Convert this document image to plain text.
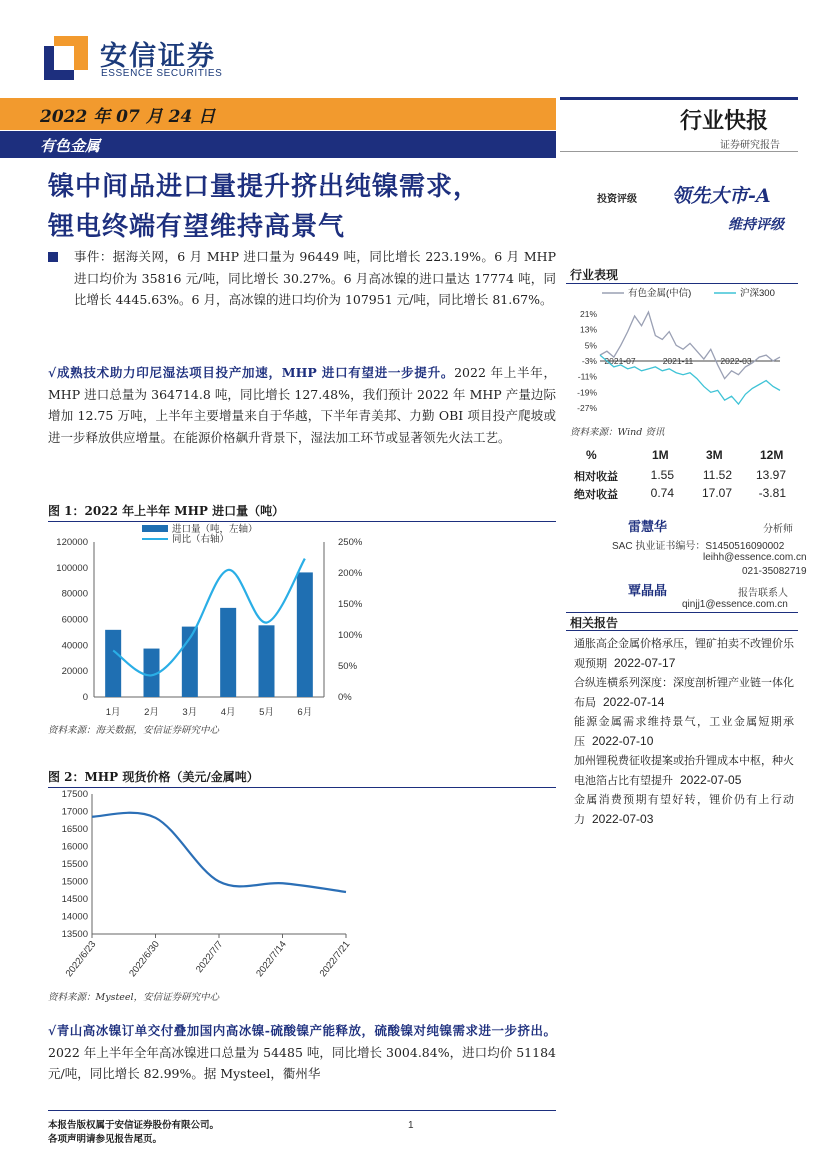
安信证券
ESSENCE SECURITIES
2022 年 07 月 24 日
有色金属
行业快报
证券研究报告
投资评级 领先大市-A
维持评级
镍中间品进口量提升挤出纯镍需求，
锂电终端有望维持高景气
事件：据海关网，6 月 MHP 进口量为 96449 吨，同比增长 223.19%。6 月 MHP 进口均价为 35816 元/吨，同比增长 30.27%。6 月高冰镍的进口量达 17774 吨，同比增长 4445.63%。6 月，高冰镍的进口均价为 107951 元/吨，同比增长 81.67%。
√成熟技术助力印尼湿法项目投产加速，MHP 进口有望进一步提升。2022 年上半年，MHP 进口总量为 364714.8 吨，同比增长 127.48%，我们预计 2022 年 MHP 产量边际增加 12.75 万吨，上半年主要增量来自于华越，下半年青美邦、力勤 OBI 项目投产爬坡或进一步释放供应增量。在能源价格飙升背景下，湿法加工环节或显著领先火法工艺。
图 1：2022 年上半年 MHP 进口量（吨）
0
20000
40000
60000
80000
100000
120000
0%
50%
100%
150%
200%
250%
1月 2月 3月 4月 5月 6月
进口量（吨，左轴）
同比（右轴）
资料来源：海关数据，安信证券研究中心
图 2：MHP 现货价格（美元/金属吨）
13500
14000
14500
15000
15500
16000
16500
17000
17500
2022/6/23	2022/6/30	2022/7/7	2022/7/14	2022/7/21
资料来源：Mysteel，安信证券研究中心
√青山高冰镍订单交付叠加国内高冰镍-硫酸镍产能释放，硫酸镍对纯镍需求进一步挤出。2022 年上半年全年高冰镍进口总量为 54485 吨，同比增长 3004.84%，进口均价 51184 元/吨，同比增长 82.99%。据 Mysteel，衢州华
行业表现
有色金属(中信)	沪深300
21%
13%
5%
-3%
-11%
-19%
-27%
2021-07	2021-11	2022-03
资料来源：Wind 资讯
%	1M	3M	12M
相对收益	1.55 11.52 13.97
绝对收益	0.74 17.07 -3.81
雷慧华	分析师
SAC 执业证书编号：S1450516090002
leihh@essence.com.cn
021-35082719
覃晶晶	报告联系人
qinjj1@essence.com.cn
相关报告
通胀高企金属价格承压，锂矿拍卖不改锂价乐观预期 2022-07-17
合纵连横系列深度：深度剖析锂产业链一体化布局 2022-07-14
能源金属需求维持景气，工业金属短期承压 2022-07-10
加州锂税费征收提案或抬升锂成本中枢，种火电池箔占比有望提升 2022-07-05
金属消费预期有望好转，锂价仍有上行动力 2022-07-03
本报告版权属于安信证券股份有限公司。
各项声明请参见报告尾页。
1
